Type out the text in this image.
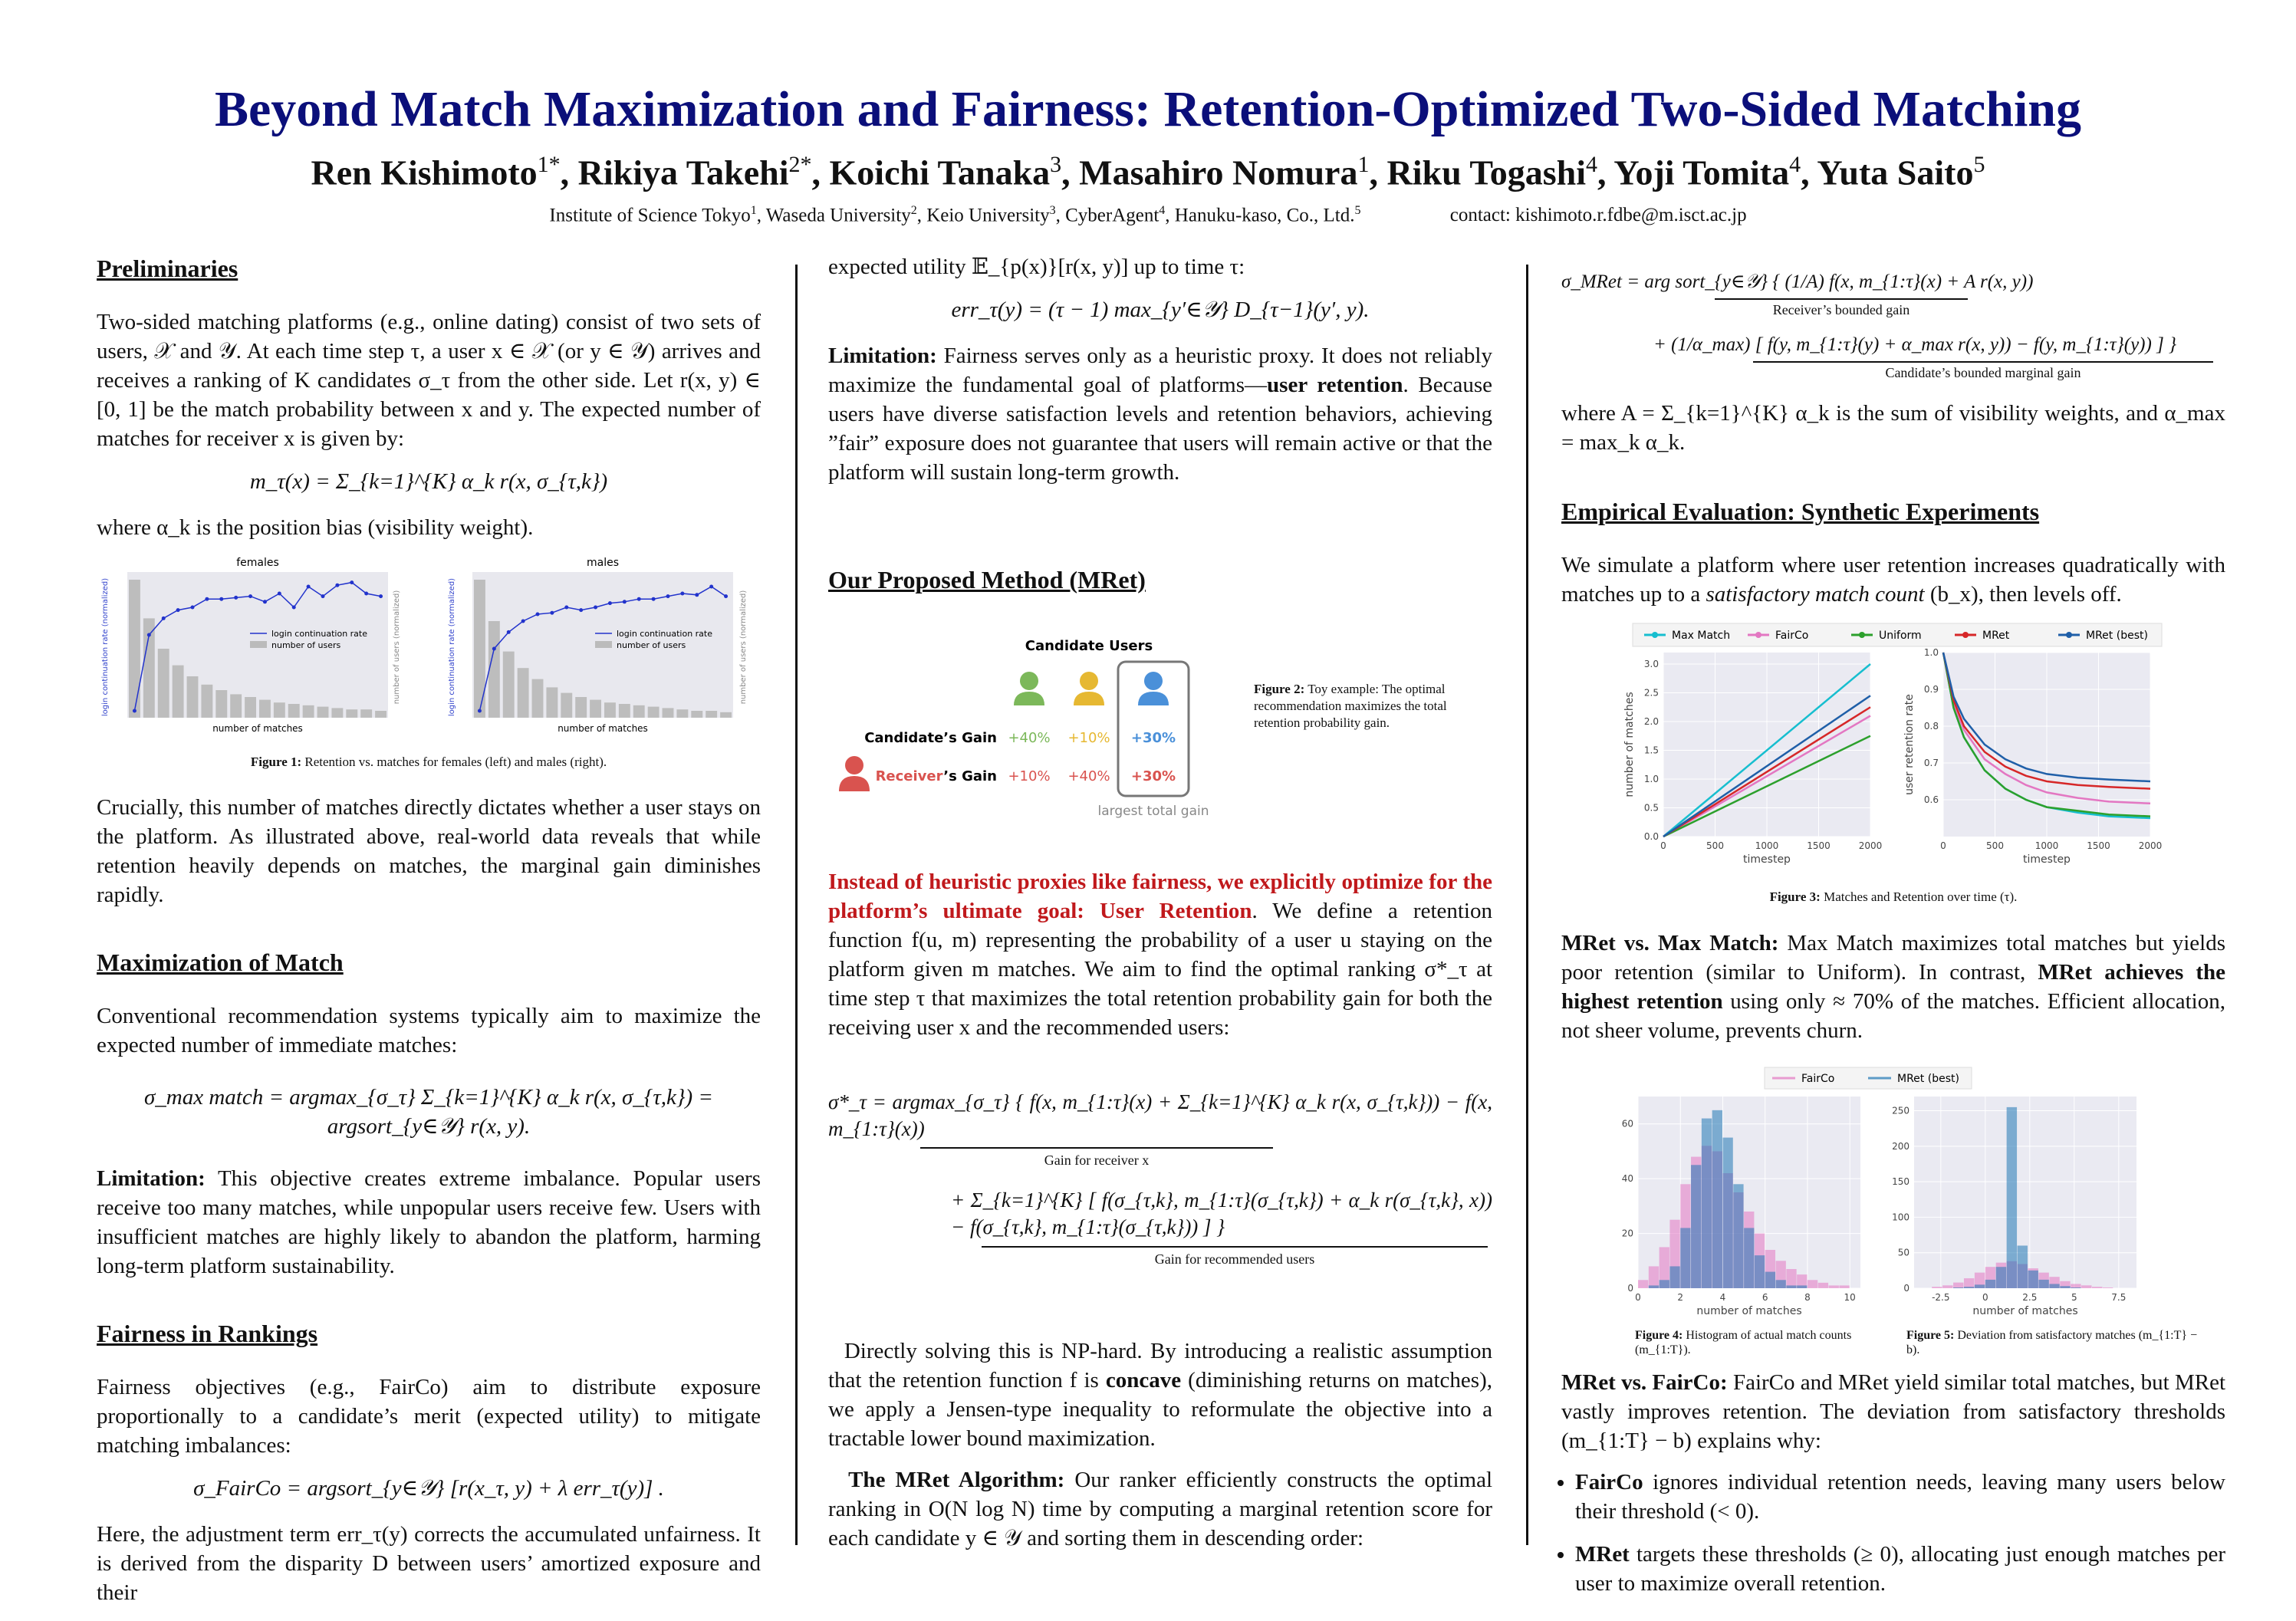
Beyond Match Maximization and Fairness: Retention-Optimized Two-Sided Matching
Ren Kishimoto$^{1*}$, Rikiya Takehi$^{2*}$, Koichi Tanaka$^3$, Masahiro Nomura$^1$, Riku Togashi$^4$, Yoji Tomita$^4$, Yuta Saito$^5$
Institute of Science Tokyo$^1$, Waseda University$^2$, Keio University$^3$, CyberAgent$^4$, Hanuku-kaso, Co., Ltd.$^5$	contact: kishimoto.r.fdbe@m.isct.ac.jp
Preliminaries

Two-sided matching platforms (e.g., online dating) consist of two sets of users, 𝒳 and 𝒴. At each time step τ, a user x ∈ 𝒳 (or y ∈ 𝒴) arrives and receives a ranking of K candidates σ_τ from the other side. Let r(x, y) ∈ [0, 1] be the match probability between x and y. The expected number of matches for receiver x is given by:

m_τ(x) = Σ_{k=1}^{K} α_k r(x, σ_{τ,k})

where α_k is the position bias (visibility weight).

females
login continuation rate (normalized)	number of users (normalized)
number of matches
login continuation rate
number of users
males
login continuation rate (normalized)	number of users (normalized)
number of matches
login continuation rate
number of users
Figure 1: Retention vs. matches for females (left) and males (right).

Crucially, this number of matches directly dictates whether a user stays on the platform. As illustrated above, real-world data reveals that while retention heavily depends on matches, the marginal gain diminishes rapidly.

Maximization of Match

Conventional recommendation systems typically aim to maximize the expected number of immediate matches:

σ_max match = argmax_{σ_τ} Σ_{k=1}^{K} α_k r(x, σ_{τ,k}) = argsort_{y∈𝒴} r(x, y).

Limitation: This objective creates extreme imbalance. Popular users receive too many matches, while unpopular users receive few. Users with insufficient matches are highly likely to abandon the platform, harming long-term platform sustainability.

Fairness in Rankings

Fairness objectives (e.g., FairCo) aim to distribute exposure proportionally to a candidate’s merit (expected utility) to mitigate matching imbalances:

σ_FairCo = argsort_{y∈𝒴} [r(x_τ, y) + λ err_τ(y)] .

Here, the adjustment term err_τ(y) corrects the accumulated unfairness. It is derived from the disparity D between users’ amortized exposure and their

expected utility 𝔼_{p(x)}[r(x, y)] up to time τ:

err_τ(y) = (τ − 1) max_{y′∈𝒴} D_{τ−1}(y′, y).

Limitation: Fairness serves only as a heuristic proxy. It does not reliably maximize the fundamental goal of platforms—user retention. Because users have diverse satisfaction levels and retention behaviors, achieving ”fair” exposure does not guarantee that users will remain active or that the platform will sustain long-term growth.

Our Proposed Method (MRet)
Candidate Users
Candidate’s Gain +40% +10% +30%
Receiver’s Gain +10% +40% +30%
largest total gain
Figure 2: Toy example: The optimal recommendation maximizes the total retention probability gain.

Instead of heuristic proxies like fairness, we explicitly optimize for the platform’s ultimate goal: User Retention. We define a retention function f(u, m) representing the probability of a user u staying on the platform given m matches. We aim to find the optimal ranking σ*_τ at time step τ that maximizes the total retention probability gain for both the receiving user x and the recommended users:

σ*_τ = argmax_{σ_τ} { f(x, m_{1:τ}(x) + Σ_{k=1}^{K} α_k r(x, σ_{τ,k})) − f(x, m_{1:τ}(x))
Gain for receiver x
+ Σ_{k=1}^{K} [ f(σ_{τ,k}, m_{1:τ}(σ_{τ,k}) + α_k r(σ_{τ,k}, x)) − f(σ_{τ,k}, m_{1:τ}(σ_{τ,k})) ] }
Gain for recommended users

Directly solving this is NP-hard. By introducing a realistic assumption that the retention function f is concave (diminishing returns on matches), we apply a Jensen-type inequality to reformulate the objective into a tractable lower bound maximization.

The MRet Algorithm: Our ranker efficiently constructs the optimal ranking in O(N log N) time by computing a marginal retention score for each candidate y ∈ 𝒴 and sorting them in descending order:

σ_MRet = arg sort_{y∈𝒴} { (1/A) f(x, m_{1:τ}(x) + A r(x, y))
Receiver’s bounded gain
+ (1/α_max) [ f(y, m_{1:τ}(y) + α_max r(x, y)) − f(y, m_{1:τ}(y)) ] }
Candidate’s bounded marginal gain

where A = Σ_{k=1}^{K} α_k is the sum of visibility weights, and α_max = max_k α_k.

Empirical Evaluation: Synthetic Experiments

We simulate a platform where user retention increases quadratically with matches up to a satisfactory match count (b_x), then levels off.

Max Match	FairCo	Uniform	MRet	MRet (best)
0	500	1000	1500	2000
0.0
0.5
1.0
1.5
2.0
2.5
3.0
timestep
number of matches
0	500	1000	1500	2000
0.6
0.7
0.8
0.9
1.0
timestep
user retention rate
Figure 3: Matches and Retention over time (τ).

MRet vs. Max Match: Max Match maximizes total matches but yields poor retention (similar to Uniform). In contrast, MRet achieves the highest retention using only ≈ 70% of the matches. Efficient allocation, not sheer volume, prevents churn.

FairCo	MRet (best)
0	2	4	6	8	10
0
20
40
60
number of matches
-2.5	0	2.5	5	7.5
0
50
100
150
200
250
number of matches
Figure 4: Histogram of actual match counts (m_{1:T}).
Figure 5: Deviation from satisfactory matches (m_{1:T} − b).

MRet vs. FairCo: FairCo and MRet yield similar total matches, but MRet vastly improves retention. The deviation from satisfactory thresholds (m_{1:T} − b) explains why:

• FairCo ignores individual retention needs, leaving many users below their threshold (< 0).
• MRet targets these thresholds (≥ 0), allocating just enough matches per user to maximize overall retention.
